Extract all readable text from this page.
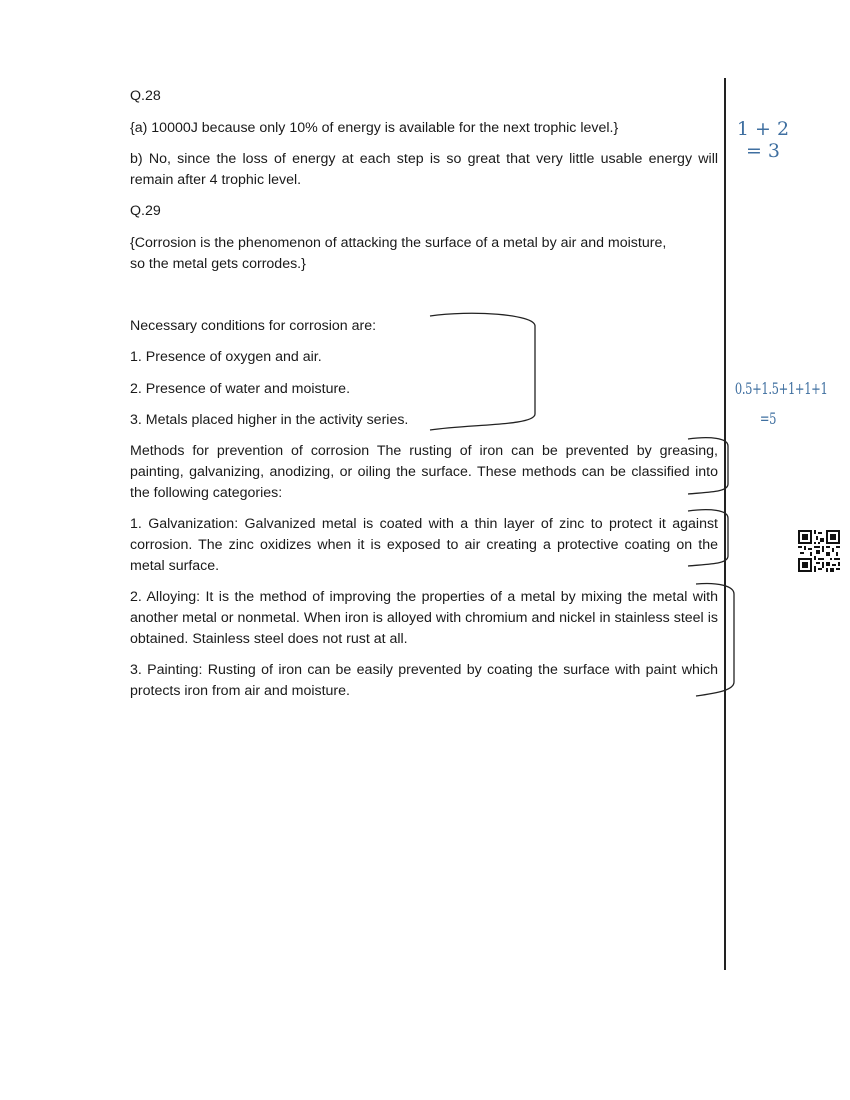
Q.28

{a) 10000J because only 10% of energy is available for the next trophic level.}

b) No, since the loss of energy at each step is so great that very little usable energy will remain after 4 trophic level.

Q.29

{Corrosion is the phenomenon of attacking the surface of a metal by air and moisture, so the metal gets corrodes.}

Necessary conditions for corrosion are:

1. Presence of oxygen and air.

2. Presence of water and moisture.

3. Metals placed higher in the activity series.

Methods for prevention of corrosion The rusting of iron can be prevented by greasing, painting, galvanizing, anodizing, or oiling the surface. These methods can be classified into the following categories:

1. Galvanization: Galvanized metal is coated with a thin layer of zinc to protect it against corrosion. The zinc oxidizes when it is exposed to air creating a protective coating on the metal surface.

2. Alloying: It is the method of improving the properties of a metal by mixing the metal with another metal or nonmetal. When iron is alloyed with chromium and nickel in stainless steel is obtained. Stainless steel does not rust at all.

3. Painting: Rusting of iron can be easily prevented by coating the surface with paint which protects iron from air and moisture.

1 + 2
= 3
0.5+1.5+1+1+1
=5
